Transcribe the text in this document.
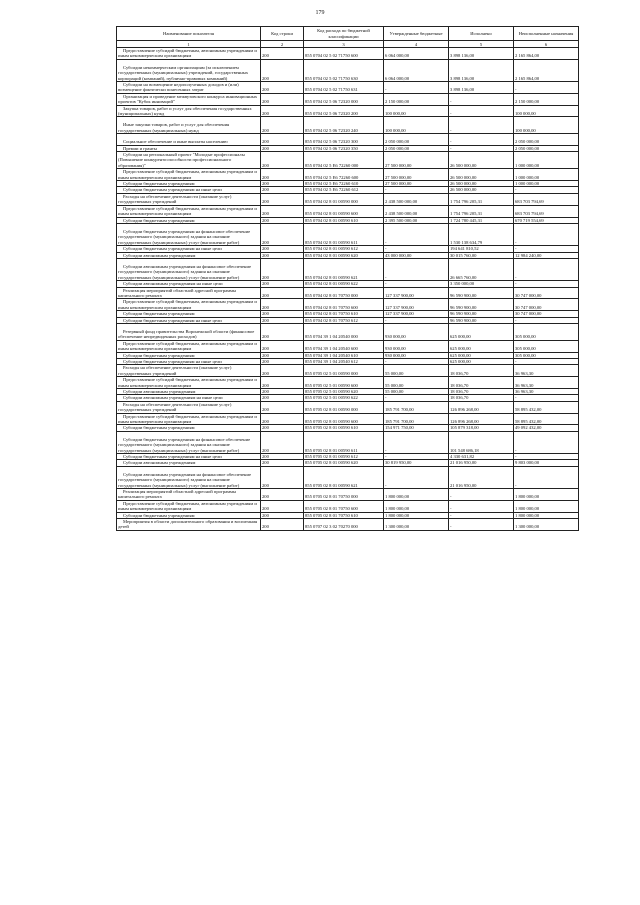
179
Наименование показателя	Код строки	Код расхода по бюджетной классификации	Утвержденные бюджетные	Исполнено	Неисполненные назначения
1	2	3	4	5	6
Предоставление субсидий бюджетным, автономным учреждениям и иным некоммерческим организациям	200	855 0704 02 5 02 71750 600	6 064 000,00	3 898 136,00	2 165 864,00
Субсидии некоммерческим организациям (за исключением государственных (муниципальных) учреждений, государственных корпораций (компаний), публично-правовых компаний)	200	855 0704 02 5 02 71750 630	6 064 000,00	3 898 136,00	2 165 864,00
Субсидии на возмещение недополученных доходов и (или) возмещение фактически понесенных затрат	200	855 0704 02 5 02 71750 631	-	3 898 136,00	-
Организация и проведение межвузовского конкурса инновационных проектов "Кубок инноваций"	200	855 0704 02 5 06 72320 000	2 150 000,00	-	2 150 000,00
Закупка товаров, работ и услуг для обеспечения государственных (муниципальных) нужд	200	855 0704 02 5 06 72320 200	100 000,00	-	100 000,00
Иные закупки товаров, работ и услуг для обеспечения государственных (муниципальных) нужд	200	855 0704 02 5 06 72320 240	100 000,00	-	100 000,00
Социальное обеспечение и иные выплаты населению	200	855 0704 02 5 06 72320 300	2 050 000,00	-	2 050 000,00
Премии и гранты	200	855 0704 02 5 06 72320 350	2 050 000,00	-	2 050 000,00
Субсидии на региональный проект "Молодые профессионалы (Повышение конкурентоспособности профессионального образования)"	200	855 0704 02 5 E6 72260 000	27 500 000,00	26 500 000,00	1 000 000,00
Предоставление субсидий бюджетным, автономным учреждениям и иным некоммерческим организациям	200	855 0704 02 5 E6 72260 600	27 500 000,00	26 500 000,00	1 000 000,00
Субсидии бюджетным учреждениям	200	855 0704 02 5 E6 72260 610	27 500 000,00	26 500 000,00	1 000 000,00
Субсидии бюджетным учреждениям на иные цели	200	855 0704 02 5 E6 72260 612	-	26 500 000,00	-
Расходы на обеспечение деятельности (оказание услуг) государственных учреждений	200	855 0704 02 8 01 00590 000	2 438 500 000,00	1 754 796 205,31	683 703 794,69
Предоставление субсидий бюджетным, автономным учреждениям и иным некоммерческим организациям	200	855 0704 02 8 01 00590 600	2 438 500 000,00	1 754 796 205,31	683 703 794,69
Субсидии бюджетным учреждениям	200	855 0704 02 8 01 00590 610	2 395 500 000,00	1 724 780 445,31	670 719 554,69
Субсидии бюджетным учреждениям на финансовое обеспечение государственного (муниципального) задания на оказание государственных (муниципальных) услуг (выполнение работ)	200	855 0704 02 8 01 00590 611	-	1 530 138 634,79	-
Субсидии бюджетным учреждениям на иные цели	200	855 0704 02 8 01 00590 612	-	194 641 810,52	-
Субсидии автономным учреждениям	200	855 0704 02 8 01 00590 620	43 000 000,00	30 015 760,00	12 984 240,00
Субсидии автономным учреждениям на финансовое обеспечение государственного (муниципального) задания на оказание государственных (муниципальных) услуг (выполнение работ)	200	855 0704 02 8 01 00590 621	-	26 665 760,00	-
Субсидии автономным учреждениям на иные цели	200	855 0704 02 8 01 00590 622	-	3 350 000,00	-
Реализация мероприятий областной адресной программы капитального ремонта	200	855 0704 02 8 01 70750 000	127 337 900,00	96 590 900,00	30 747 000,00
Предоставление субсидий бюджетным, автономным учреждениям и иным некоммерческим организациям	200	855 0704 02 8 01 70750 600	127 337 900,00	96 590 900,00	30 747 000,00
Субсидии бюджетным учреждениям	200	855 0704 02 8 01 70750 610	127 337 900,00	96 590 900,00	30 747 000,00
Субсидии бюджетным учреждениям на иные цели	200	855 0704 02 8 01 70750 612	-	96 590 900,00	-
Резервный фонд правительства Воронежской области (финансовое обеспечение непредвиденных расходов)	200	855 0704 39 1 04 20540 000	930 000,00	625 000,00	305 000,00
Предоставление субсидий бюджетным, автономным учреждениям и иным некоммерческим организациям	200	855 0704 39 1 04 20540 600	930 000,00	625 000,00	305 000,00
Субсидии бюджетным учреждениям	200	855 0704 39 1 04 20540 610	930 000,00	625 000,00	305 000,00
Субсидии бюджетным учреждениям на иные цели	200	855 0704 39 1 04 20540 612	-	625 000,00	-
Расходы на обеспечение деятельности (оказание услуг) государственных учреждений	200	855 0705 02 5 01 00590 000	55 000,00	18 036,70	36 963,30
Предоставление субсидий бюджетным, автономным учреждениям и иным некоммерческим организациям	200	855 0705 02 5 01 00590 600	55 000,00	18 036,70	36 963,30
Субсидии автономным учреждениям	200	855 0705 02 5 01 00590 620	55 000,00	18 036,70	36 963,30
Субсидии автономным учреждениям на иные цели	200	855 0705 02 5 01 00590 622	-	18 036,70	-
Расходы на обеспечение деятельности (оказание услуг) государственных учреждений	200	855 0705 02 8 01 00590 000	185 791 700,00	126 896 268,00	58 895 432,00
Предоставление субсидий бюджетным, автономным учреждениям и иным некоммерческим организациям	200	855 0705 02 8 01 00590 600	185 791 700,00	126 896 268,00	58 895 432,00
Субсидии бюджетным учреждениям	200	855 0705 02 8 01 00590 610	154 971 750,00	105 879 318,00	49 092 432,00
Субсидии бюджетным учреждениям на финансовое обеспечение государственного (муниципального) задания на оказание государственных (муниципальных) услуг (выполнение работ)	200	855 0705 02 8 01 00590 611	-	101 548 686,18	-
Субсидии бюджетным учреждениям на иные цели	200	855 0705 02 8 01 00590 612	-	4 330 631,82	-
Субсидии автономным учреждениям	200	855 0705 02 8 01 00590 620	30 819 950,00	21 016 950,00	9 803 000,00
Субсидии автономным учреждениям на финансовое обеспечение государственного (муниципального) задания на оказание государственных (муниципальных) услуг (выполнение работ)	200	855 0705 02 8 01 00590 621	-	21 016 950,00	-
Реализация мероприятий областной адресной программы капитального ремонта	200	855 0705 02 8 01 70750 000	1 800 000,00	-	1 800 000,00
Предоставление субсидий бюджетным, автономным учреждениям и иным некоммерческим организациям	200	855 0705 02 8 01 70750 600	1 800 000,00	-	1 800 000,00
Субсидии бюджетным учреждениям	200	855 0705 02 8 01 70750 610	1 800 000,00	-	1 800 000,00
Мероприятия в области дополнительного образования и воспитания детей	200	855 0707 02 3 02 70270 000	1 300 000,00	-	1 300 000,00
